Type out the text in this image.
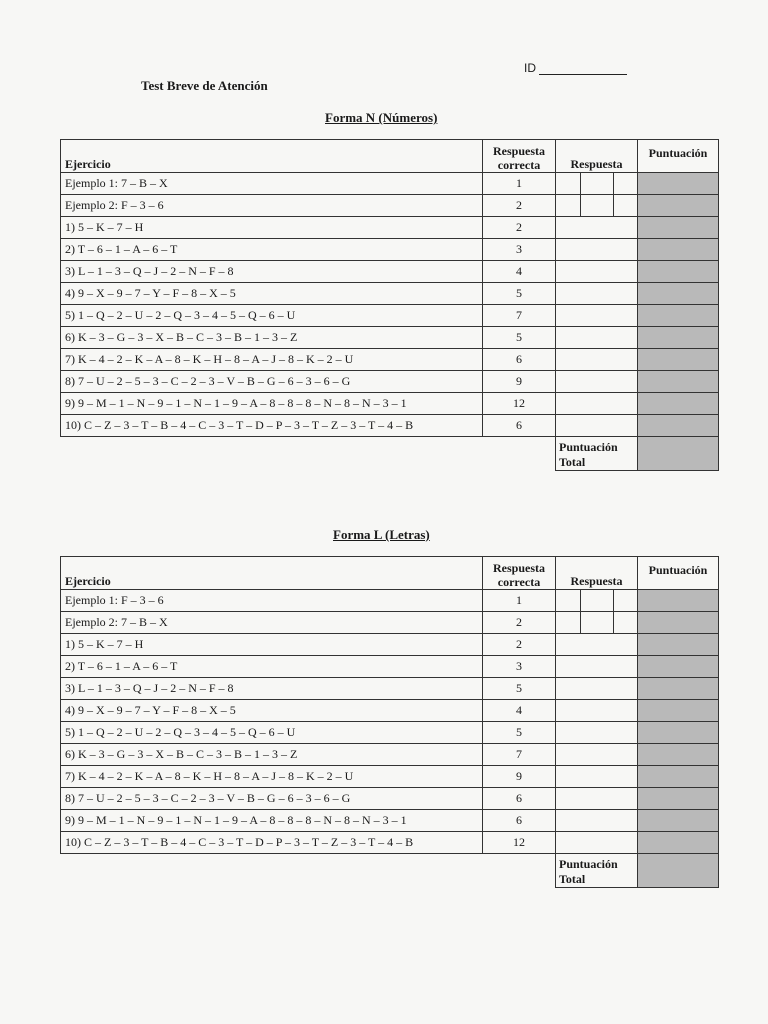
ID
Test Breve de Atención
Forma N (Números)
Ejercicio	Respuesta correcta	Respuesta			Puntuación
Ejemplo 1: 7 – B – X	1				
Ejemplo 2: F – 3 – 6	2				
1) 5 – K – 7 – H	2				
2) T – 6 – 1 – A – 6 – T	3				
3) L – 1 – 3 – Q – J – 2 – N – F – 8	4				
4) 9 – X – 9 – 7 – Y – F – 8 – X – 5	5				
5) 1 – Q – 2 – U – 2 – Q – 3 – 4 – 5 – Q – 6 – U	7				
6) K – 3 – G – 3 – X – B – C – 3 – B – 1 – 3 – Z	5				
7) K – 4 – 2 – K – A – 8 – K – H – 8 – A – J – 8 – K – 2 – U	6				
8) 7 – U – 2 – 5 – 3 – C – 2 – 3 – V – B – G – 6 – 3 – 6 – G	9				
9) 9 – M – 1 – N – 9 – 1 – N – 1 – 9 – A – 8 – 8 – 8 – N – 8 – N – 3 – 1	12				
10) C – Z – 3 – T – B – 4 – C – 3 – T – D – P – 3 – T – Z – 3 – T – 4 – B	6				
		Puntuación Total			
Forma L (Letras)
Ejercicio	Respuesta correcta	Respuesta			Puntuación
Ejemplo 1: F – 3 – 6	1				
Ejemplo 2: 7 – B – X	2				
1) 5 – K – 7 – H	2				
2) T – 6 – 1 – A – 6 – T	3				
3) L – 1 – 3 – Q – J – 2 – N – F – 8	5				
4) 9 – X – 9 – 7 – Y – F – 8 – X – 5	4				
5) 1 – Q – 2 – U – 2 – Q – 3 – 4 – 5 – Q – 6 – U	5				
6) K – 3 – G – 3 – X – B – C – 3 – B – 1 – 3 – Z	7				
7) K – 4 – 2 – K – A – 8 – K – H – 8 – A – J – 8 – K – 2 – U	9				
8) 7 – U – 2 – 5 – 3 – C – 2 – 3 – V – B – G – 6 – 3 – 6 – G	6				
9) 9 – M – 1 – N – 9 – 1 – N – 1 – 9 – A – 8 – 8 – 8 – N – 8 – N – 3 – 1	6				
10) C – Z – 3 – T – B – 4 – C – 3 – T – D – P – 3 – T – Z – 3 – T – 4 – B	12				
		Puntuación Total			
